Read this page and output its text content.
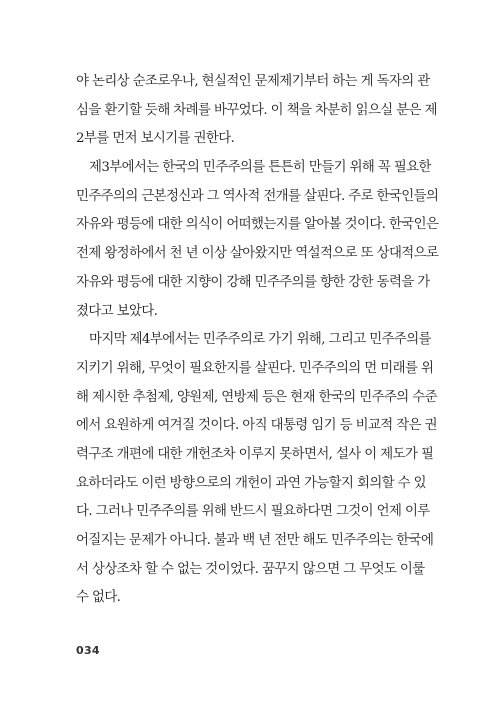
야 논리상 순조로우나, 현실적인 문제제기부터 하는 게 독자의 관
심을 환기할 듯해 차례를 바꾸었다. 이 책을 차분히 읽으실 분은 제
2부를 먼저 보시기를 권한다.
제3부에서는 한국의 민주주의를 튼튼히 만들기 위해 꼭 필요한
민주주의의 근본정신과 그 역사적 전개를 살핀다. 주로 한국인들의
자유와 평등에 대한 의식이 어떠했는지를 알아볼 것이다. 한국인은
전제 왕정하에서 천 년 이상 살아왔지만 역설적으로 또 상대적으로
자유와 평등에 대한 지향이 강해 민주주의를 향한 강한 동력을 가
졌다고 보았다.
마지막 제4부에서는 민주주의로 가기 위해, 그리고 민주주의를
지키기 위해, 무엇이 필요한지를 살핀다. 민주주의의 먼 미래를 위
해 제시한 추첨제, 양원제, 연방제 등은 현재 한국의 민주주의 수준
에서 요원하게 여겨질 것이다. 아직 대통령 임기 등 비교적 작은 권
력구조 개편에 대한 개헌조차 이루지 못하면서, 설사 이 제도가 필
요하더라도 이런 방향으로의 개헌이 과연 가능할지 회의할 수 있
다. 그러나 민주주의를 위해 반드시 필요하다면 그것이 언제 이루
어질지는 문제가 아니다. 불과 백 년 전만 해도 민주주의는 한국에
서 상상조차 할 수 없는 것이었다. 꿈꾸지 않으면 그 무엇도 이룰
수 없다.
034
